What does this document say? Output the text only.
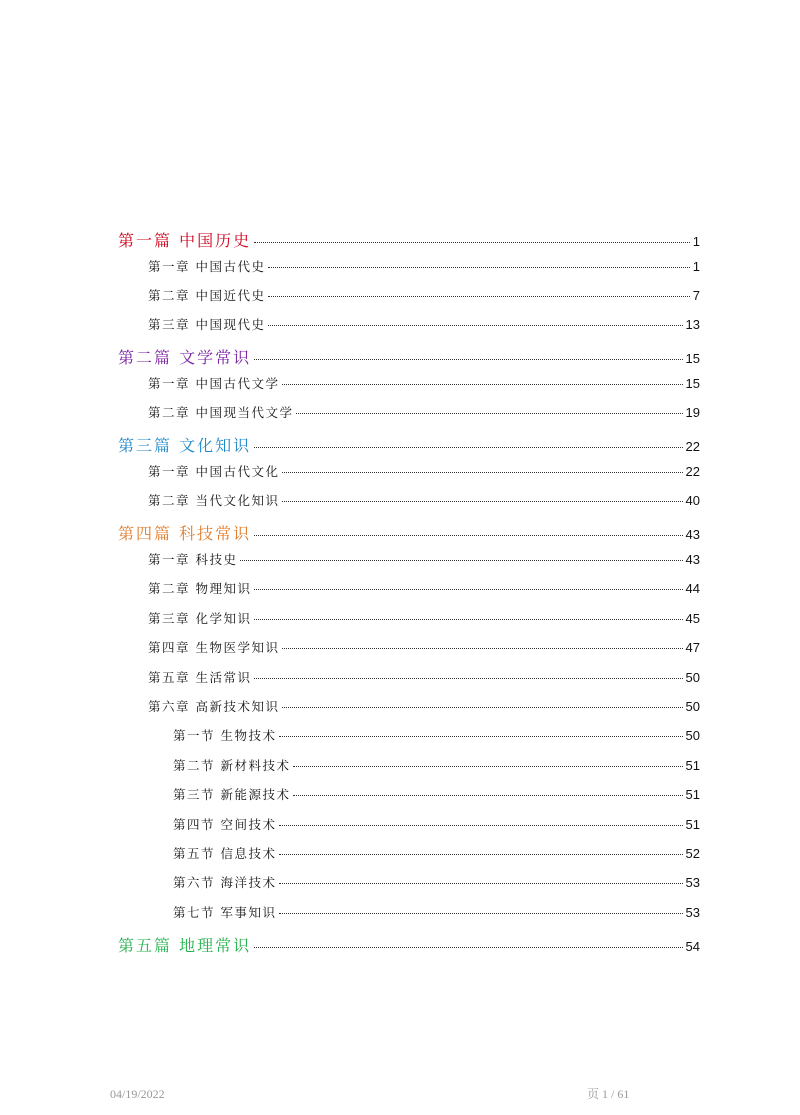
第一篇 中国历史	1
第一章 中国古代史	1
第二章 中国近代史	7
第三章 中国现代史	13
第二篇 文学常识	15
第一章 中国古代文学	15
第二章 中国现当代文学	19
第三篇 文化知识	22
第一章 中国古代文化	22
第二章 当代文化知识	40
第四篇 科技常识	43
第一章 科技史	43
第二章 物理知识	44
第三章 化学知识	45
第四章 生物医学知识	47
第五章 生活常识	50
第六章 高新技术知识	50
第一节 生物技术	50
第二节 新材料技术	51
第三节 新能源技术	51
第四节 空间技术	51
第五节 信息技术	52
第六节 海洋技术	53
第七节 军事知识	53
第五篇 地理常识	54
04/19/2022	页 1 / 61
